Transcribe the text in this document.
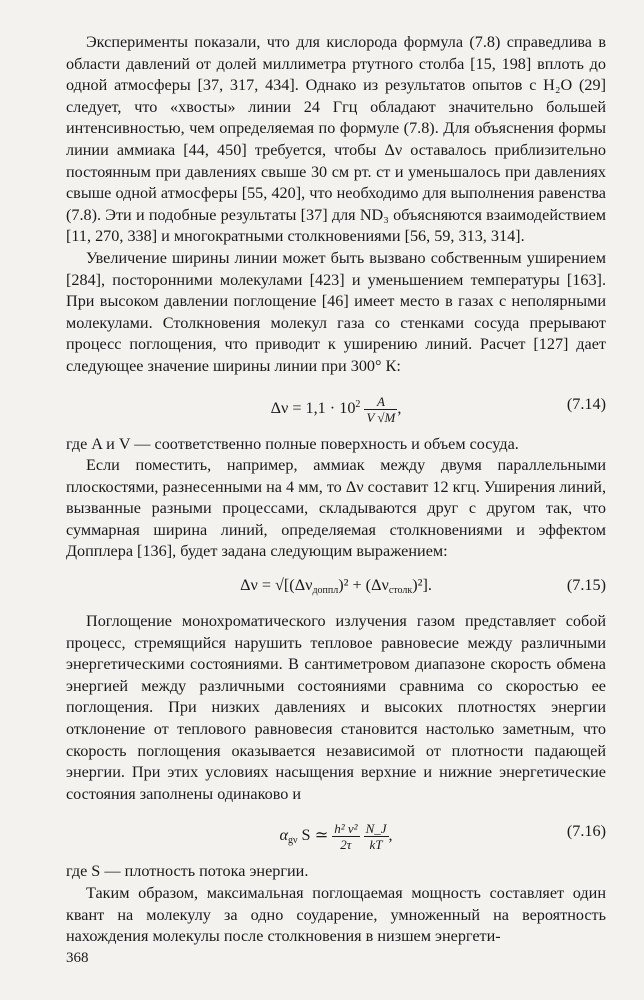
Эксперименты показали, что для кислорода формула (7.8) справедлива в области давлений от долей миллиметра ртутного столба [15, 198] вплоть до одной атмосферы [37, 317, 434]. Однако из результатов опытов с H₂O (29] следует, что «хвосты» линии 24 Ггц обладают значительно большей интенсивностью, чем определяемая по формуле (7.8). Для объяснения формы линии аммиака [44, 450] требуется, чтобы Δν оставалось приблизительно постоянным при давлениях свыше 30 см рт. ст и уменьшалось при давлениях свыше одной атмосферы [55, 420], что необходимо для выполнения равенства (7.8). Эти и подобные результаты [37] для ND₃ объясняются взаимодействием [11, 270, 338] и многократными столкновениями [56, 59, 313, 314].

Увеличение ширины линии может быть вызвано собственным уширением [284], посторонними молекулами [423] и уменьшением температуры [163]. При высоком давлении поглощение [46] имеет место в газах с неполярными молекулами. Столкновения молекул газа со стенками сосуда прерывают процесс поглощения, что приводит к уширению линий. Расчет [127] дает следующее значение ширины линии при 300° К:

$\Delta\nu = 1,1 \cdot 10^2 \frac{A}{V √M}$ ,	(7.14)

где A и V — соответственно полные поверхность и объем сосуда.

Если поместить, например, аммиак между двумя параллельными плоскостями, разнесенными на 4 мм, то Δν составит 12 кгц. Уширения линий, вызванные разными процессами, складываются друг с другом так, что суммарная ширина линий, определяемая столкновениями и эффектом Допплера [136], будет задана следующим выражением:

$\Delta\nu = √[(\Delta\nu_{доппл})^2 + (\Delta\nu_{столк})^2]$.	(7.15)

Поглощение монохроматического излучения газом представляет собой процесс, стремящийся нарушить тепловое равновесие между различными энергетическими состояниями. В сантиметровом диапазоне скорость обмена энергией между различными состояниями сравнима со скоростью ее поглощения. При низких давлениях и высоких плотностях энергии отклонение от теплового равновесия становится настолько заметным, что скорость поглощения оказывается независимой от плотности падающей энергии. При этих условиях насыщения верхние и нижние энергетические состояния заполнены одинаково и

$\alpha_{g\nu}$ S ≃ $\frac{\text{h² ν²}}{2\tau}$
$\frac{N\_J}{kT}$ ,	(7.16)

где S — плотность потока энергии.

Таким образом, максимальная поглощаемая мощность составляет один квант на молекулу за одно соударение, умноженный на вероятность нахождения молекулы после столкновения в низшем энергети-

368
